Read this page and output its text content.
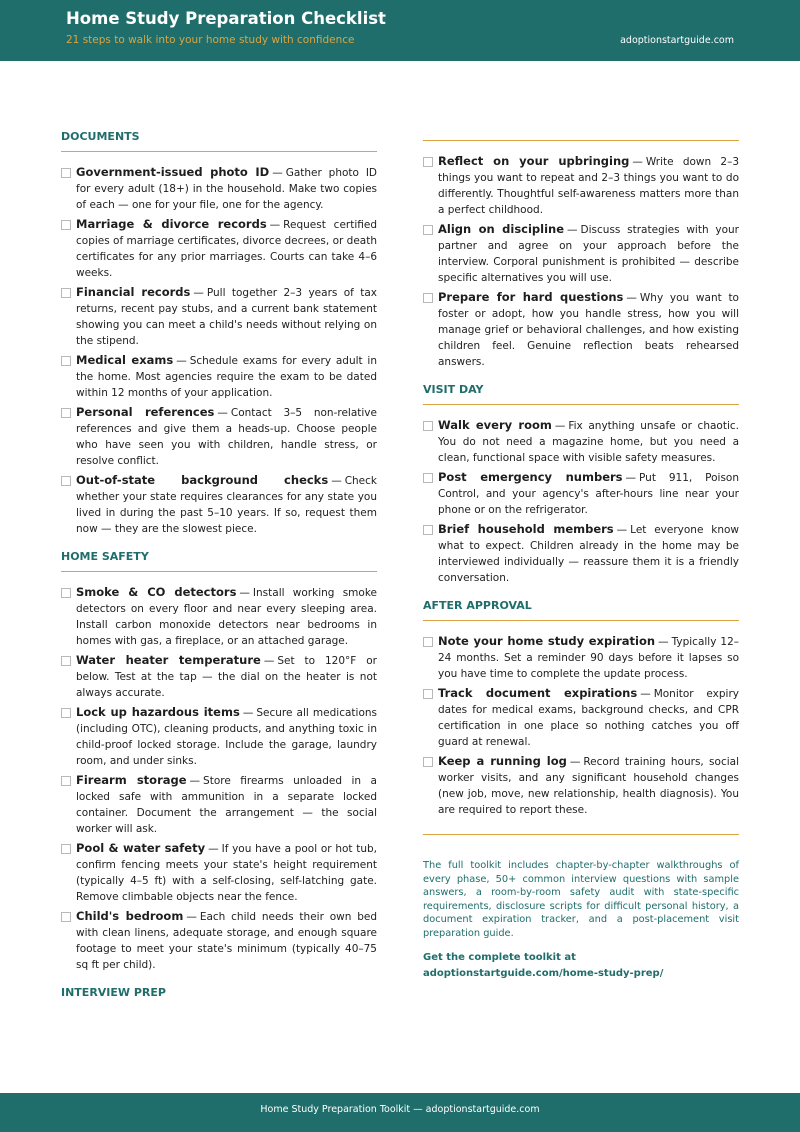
Home Study Preparation Checklist
21 steps to walk into your home study with confidence	adoptionstartguide.com
DOCUMENTS
Government-issued photo ID — Gather photo ID for every adult (18+) in the household. Make two copies of each — one for your file, one for the agency.
Marriage & divorce records — Request certified copies of marriage certificates, divorce decrees, or death certificates for any prior marriages. Courts can take 4–6 weeks.
Financial records — Pull together 2–3 years of tax returns, recent pay stubs, and a current bank statement showing you can meet a child's needs without relying on the stipend.
Medical exams — Schedule exams for every adult in the home. Most agencies require the exam to be dated within 12 months of your application.
Personal references — Contact 3–5 non-relative references and give them a heads-up. Choose people who have seen you with children, handle stress, or resolve conflict.
Out-of-state background checks — Check whether your state requires clearances for any state you lived in during the past 5–10 years. If so, request them now — they are the slowest piece.
HOME SAFETY
Smoke & CO detectors — Install working smoke detectors on every floor and near every sleeping area. Install carbon monoxide detectors near bedrooms in homes with gas, a fireplace, or an attached garage.
Water heater temperature — Set to 120°F or below. Test at the tap — the dial on the heater is not always accurate.
Lock up hazardous items — Secure all medications (including OTC), cleaning products, and anything toxic in child-proof locked storage. Include the garage, laundry room, and under sinks.
Firearm storage — Store firearms unloaded in a locked safe with ammunition in a separate locked container. Document the arrangement — the social worker will ask.
Pool & water safety — If you have a pool or hot tub, confirm fencing meets your state's height requirement (typically 4–5 ft) with a self-closing, self-latching gate. Remove climbable objects near the fence.
Child's bedroom — Each child needs their own bed with clean linens, adequate storage, and enough square footage to meet your state's minimum (typically 40–75 sq ft per child).
INTERVIEW PREP
Reflect on your upbringing — Write down 2–3 things you want to repeat and 2–3 things you want to do differently. Thoughtful self-awareness matters more than a perfect childhood.
Align on discipline — Discuss strategies with your partner and agree on your approach before the interview. Corporal punishment is prohibited — describe specific alternatives you will use.
Prepare for hard questions — Why you want to foster or adopt, how you handle stress, how you will manage grief or behavioral challenges, and how existing children feel. Genuine reflection beats rehearsed answers.
VISIT DAY
Walk every room — Fix anything unsafe or chaotic. You do not need a magazine home, but you need a clean, functional space with visible safety measures.
Post emergency numbers — Put 911, Poison Control, and your agency's after-hours line near your phone or on the refrigerator.
Brief household members — Let everyone know what to expect. Children already in the home may be interviewed individually — reassure them it is a friendly conversation.
AFTER APPROVAL
Note your home study expiration — Typically 12–24 months. Set a reminder 90 days before it lapses so you have time to complete the update process.
Track document expirations — Monitor expiry dates for medical exams, background checks, and CPR certification in one place so nothing catches you off guard at renewal.
Keep a running log — Record training hours, social worker visits, and any significant household changes (new job, move, new relationship, health diagnosis). You are required to report these.
The full toolkit includes chapter-by-chapter walkthroughs of every phase, 50+ common interview questions with sample answers, a room-by-room safety audit with state-specific requirements, disclosure scripts for difficult personal history, a document expiration tracker, and a post-placement visit preparation guide.
Get the complete toolkit at
adoptionstartguide.com/home-study-prep/
Home Study Preparation Toolkit — adoptionstartguide.com
